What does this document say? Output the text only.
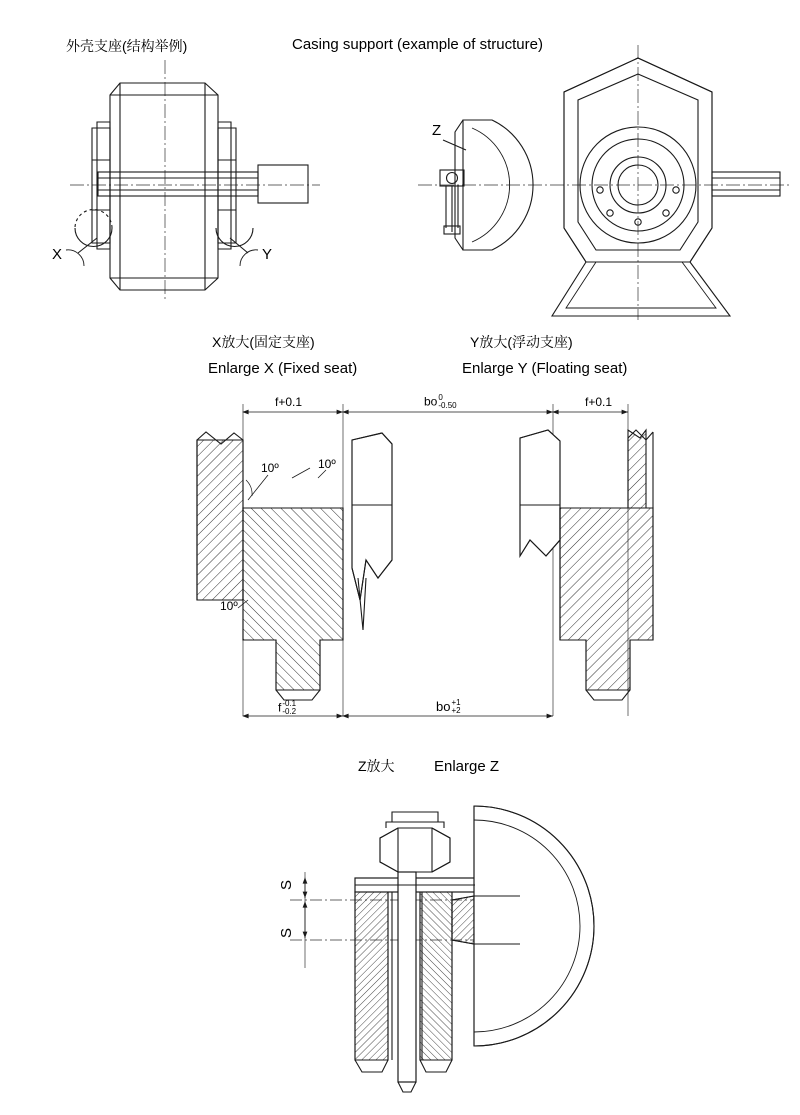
外壳支座(结构举例)	Casing support (example of structure)
X	Y
Z
X放大(固定支座)
Enlarge X (Fixed seat)
Y放大(浮动支座)
Enlarge Y (Floating seat)
Z放大	Enlarge Z
f+0.1	bo 0
-0.50	f+0.1
f -0.1
-0.2	bo +1
+2
10º	10º
10º
S
S
